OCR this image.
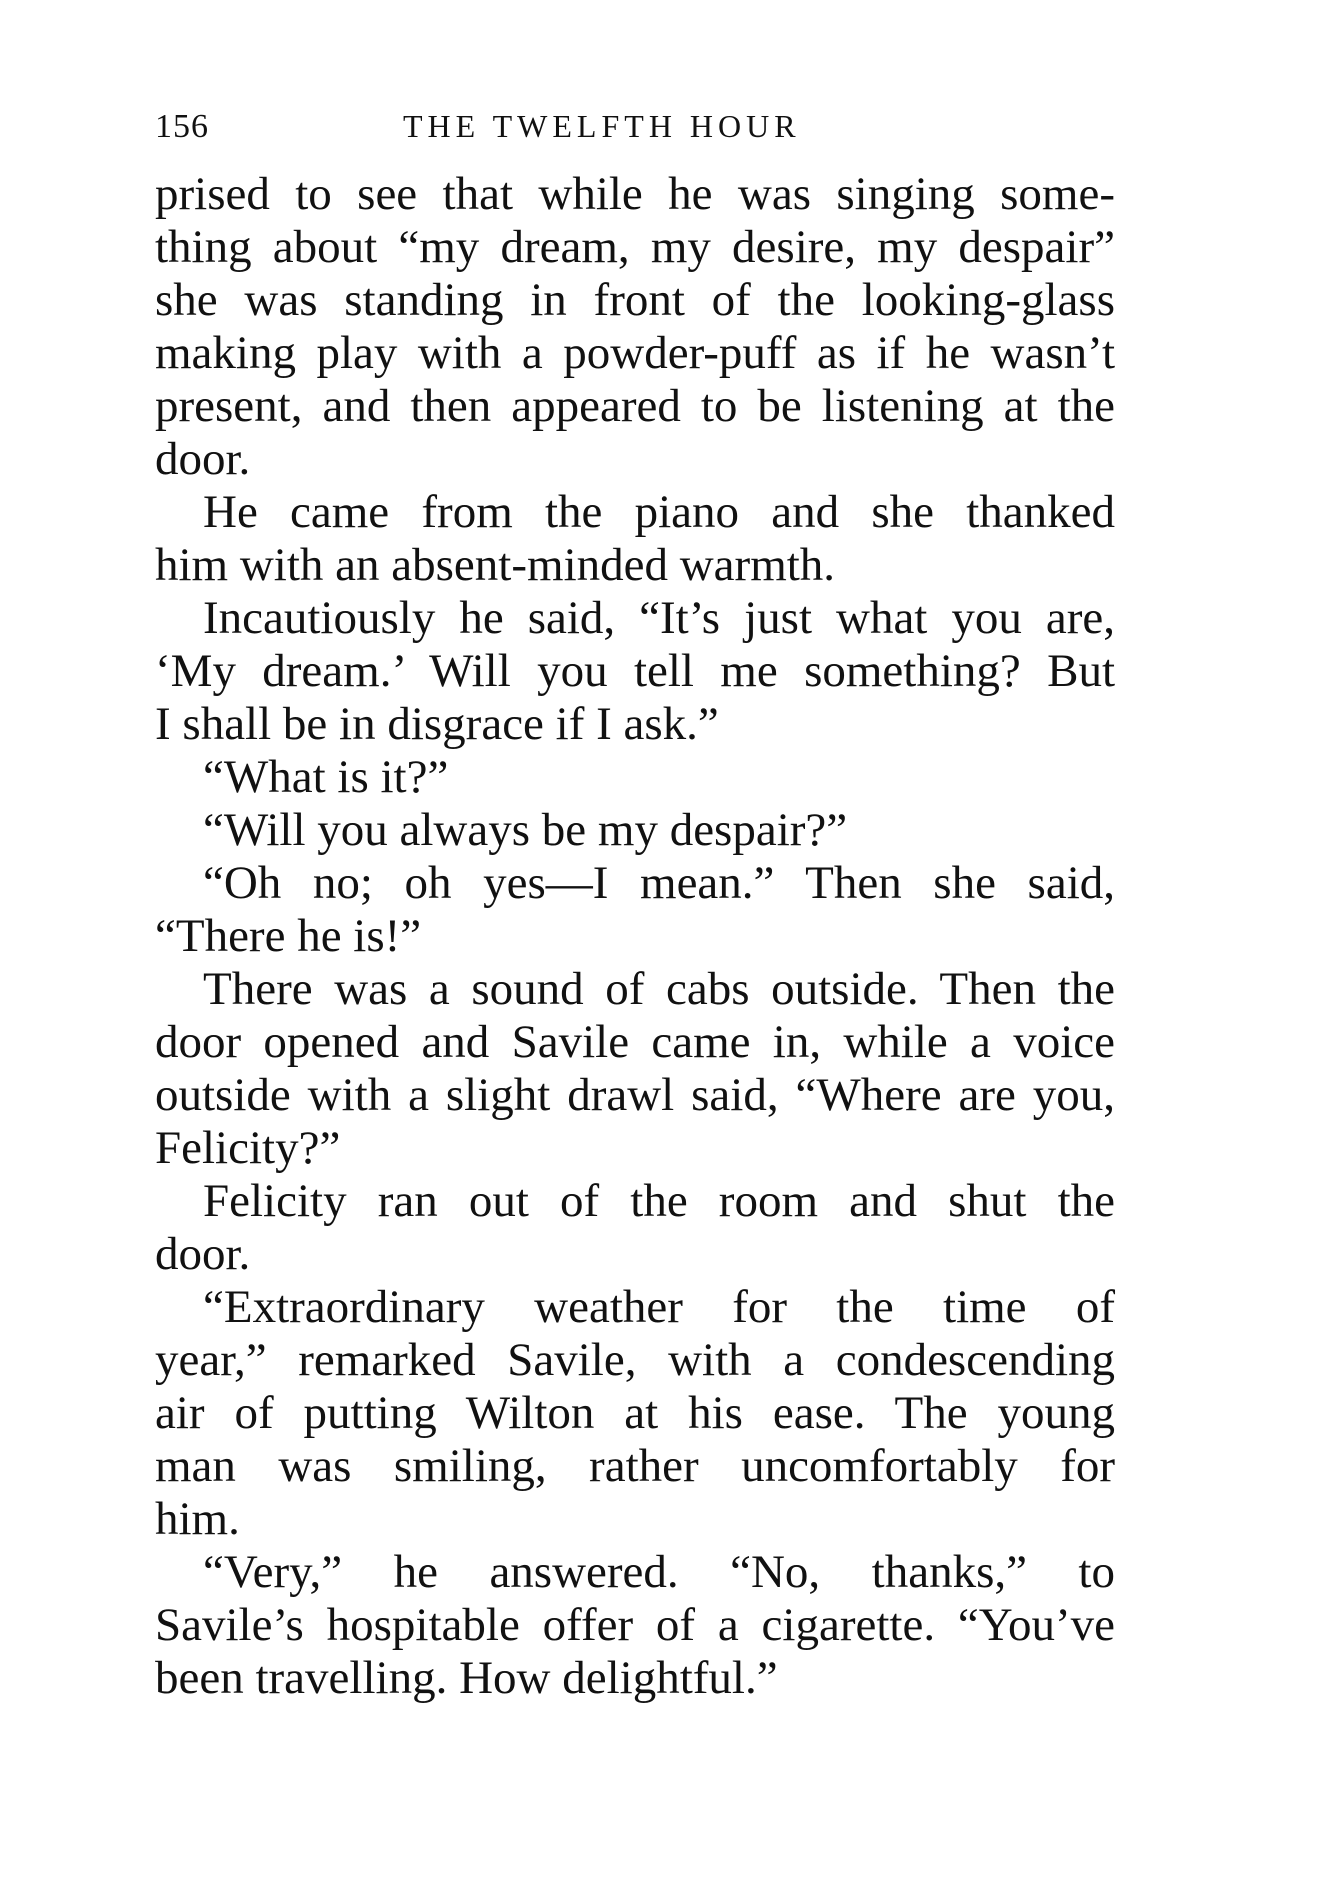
156	THE TWELFTH HOUR
prised to see that while he was singing some-
thing about “my dream, my desire, my despair”
she was standing in front of the looking-glass
making play with a powder-puff as if he wasn’t
present, and then appeared to be listening at the
door.
He came from the piano and she thanked
him with an absent-minded warmth.
Incautiously he said, “It’s just what you are,
‘My dream.’ Will you tell me something? But
I shall be in disgrace if I ask.”
“What is it?”
“Will you always be my despair?”
“Oh no; oh yes—I mean.” Then she said,
“There he is!”
There was a sound of cabs outside. Then the
door opened and Savile came in, while a voice
outside with a slight drawl said, “Where are you,
Felicity?”
Felicity ran out of the room and shut the
door.
“Extraordinary weather for the time of
year,” remarked Savile, with a condescending
air of putting Wilton at his ease. The young
man was smiling, rather uncomfortably for
him.
“Very,” he answered. “No, thanks,” to
Savile’s hospitable offer of a cigarette. “You’ve
been travelling. How delightful.”
